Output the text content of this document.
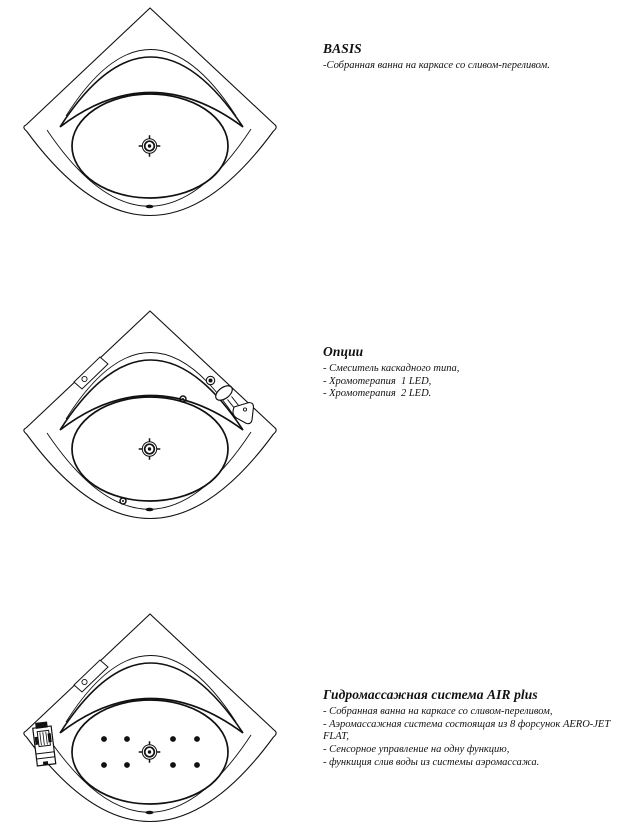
BASIS
-Собранная ванна на каркасе со сливом-переливом.
Опции
- Смеситель каскадного типа,
- Хромотерапия  1 LED,
- Хромотерапия  2 LED.
Гидромассажная система AIR plus
- Собранная ванна на каркасе со сливом-переливом,
- Аэромассажная система состоящая из 8 форсунок AERO-JET FLAT,
- Сенсорное управление на одну функцию,
- функиция слив воды из системы аэромассажа.
